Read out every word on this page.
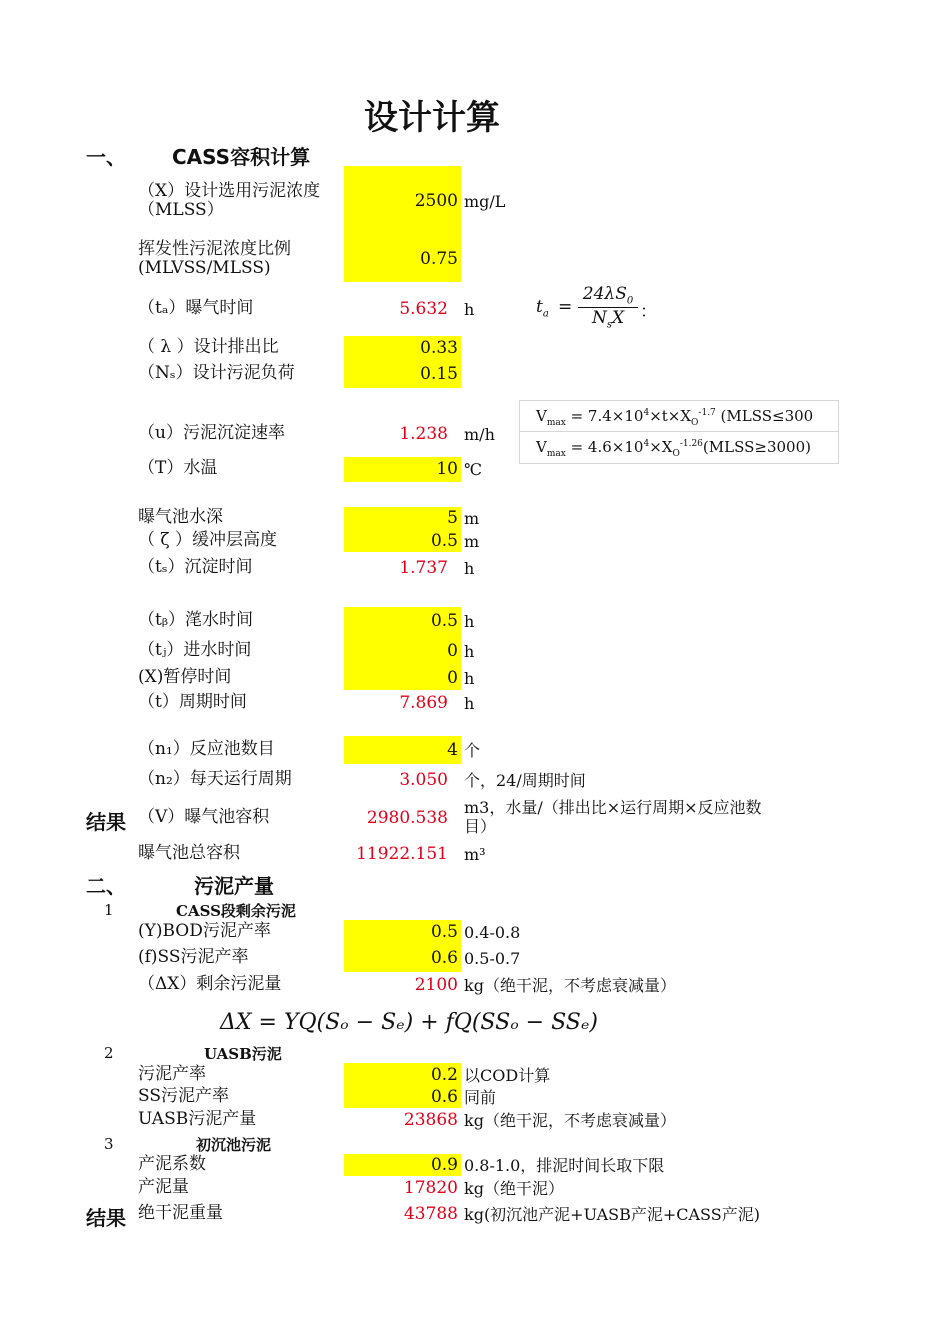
设计计算
一、 CASS容积计算
（X）设计选用污泥浓度（MLSS）	2500 mg/L
挥发性污泥浓度比例(MLVSS/MLSS)	0.75
（tₐ）曝气时间	5.632 h
（ λ ）设计排出比	0.33
（Nₛ）设计污泥负荷	0.15
（u）污泥沉淀速率	1.238 m/h
（T）水温	10 ℃
曝气池水深	5 m
（ ζ ）缓冲层高度	0.5 m
（tₛ）沉淀时间	1.737 h
（tᵦ）滗水时间	0.5 h
（tⱼ）进水时间	0 h
(X)暂停时间	0 h
（t）周期时间	7.869 h
（n₁）反应池数目	4 个
（n₂）每天运行周期	3.050 个，24/周期时间
结果 （V）曝气池容积	2980.538
m3，水量/（排出比×运行周期×反应池数目）
曝气池总容积	11922.151 m³
$t_a$ =
$24\lambda S_0$
$N_sX$ ：
$V_{max} = 7.4\times 10^4\times t\times X_O^{-1.7}$ (MLSS≤300
$V_{max}$ = $4.6\times 10^4\times X_O^{-1.26}(MLSS\ge 3000)$
二、	污泥产量
1	CASS段剩余污泥
(Y)BOD污泥产率	0.5 0.4-0.8
(f)SS污泥产率	0.6 0.5-0.7
（ΔX）剩余污泥量	2100 kg（绝干泥，不考虑衰减量）
ΔX = YQ(Sₒ − Sₑ) + fQ(SSₒ − SSₑ)
2	UASB污泥
污泥产率	0.2 以COD计算
SS污泥产率	0.6 同前
UASB污泥产量	23868 kg（绝干泥，不考虑衰减量）
3	初沉池污泥
产泥系数	0.9 0.8-1.0，排泥时间长取下限
产泥量	17820 kg（绝干泥）
结果 绝干泥重量	43788 kg(初沉池产泥+UASB产泥+CASS产泥)
